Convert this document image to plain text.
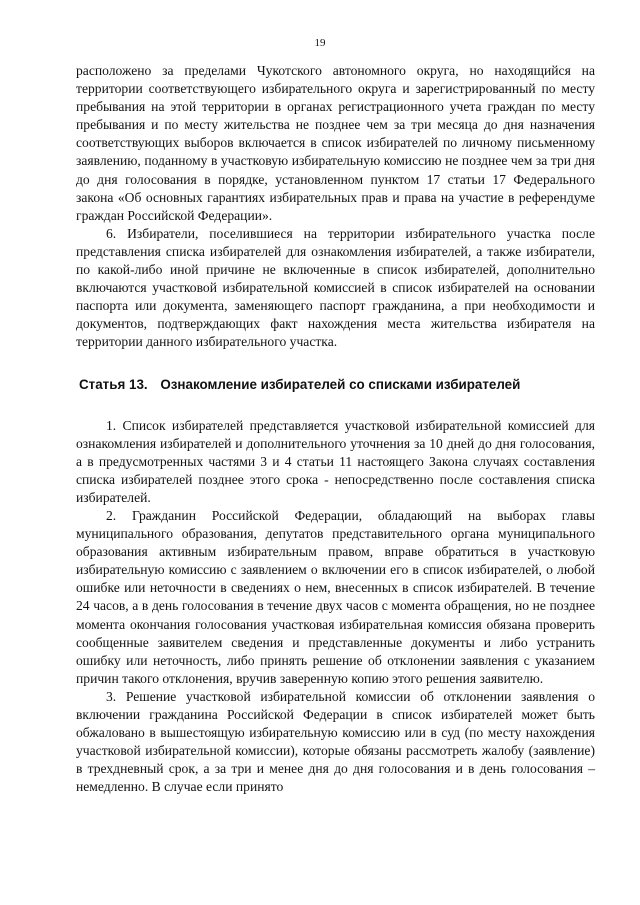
19

расположено за пределами Чукотского автономного округа, но находящийся на территории соответствующего избирательного округа и зарегистрированный по месту пребывания на этой территории в органах регистрационного учета граждан по месту пребывания и по месту жительства не позднее чем за три месяца до дня назначения соответствующих выборов включается в список избирателей по личному письменному заявлению, поданному в участковую избирательную комиссию не позднее чем за три дня до дня голосования в порядке, установленном пунктом 17 статьи 17 Федерального закона «Об основных гарантиях избирательных прав и права на участие в референдуме граждан Российской Федерации».

6. Избиратели, поселившиеся на территории избирательного участка после представления списка избирателей для ознакомления избирателей, а также избиратели, по какой-либо иной причине не включенные в список избирателей, дополнительно включаются участковой избирательной комиссией в список избирателей на основании паспорта или документа, заменяющего паспорт гражданина, а при необходимости и документов, подтверждающих факт нахождения места жительства избирателя на территории данного избирательного участка.

Статья 13. Ознакомление избирателей со списками избирателей

1. Список избирателей представляется участковой избирательной комиссией для ознакомления избирателей и дополнительного уточнения за 10 дней до дня голосования, а в предусмотренных частями 3 и 4 статьи 11 настоящего Закона случаях составления списка избирателей позднее этого срока - непосредственно после составления списка избирателей.

2. Гражданин Российской Федерации, обладающий на выборах главы муниципального образования, депутатов представительного органа муниципального образования активным избирательным правом, вправе обратиться в участковую избирательную комиссию с заявлением о включении его в список избирателей, о любой ошибке или неточности в сведениях о нем, внесенных в список избирателей. В течение 24 часов, а в день голосования в течение двух часов с момента обращения, но не позднее момента окончания голосования участковая избирательная комиссия обязана проверить сообщенные заявителем сведения и представленные документы и либо устранить ошибку или неточность, либо принять решение об отклонении заявления с указанием причин такого отклонения, вручив заверенную копию этого решения заявителю.

3. Решение участковой избирательной комиссии об отклонении заявления о включении гражданина Российской Федерации в список избирателей может быть обжаловано в вышестоящую избирательную комиссию или в суд (по месту нахождения участковой избирательной комиссии), которые обязаны рассмотреть жалобу (заявление) в трехдневный срок, а за три и менее дня до дня голосования и в день голосования – немедленно. В случае если принято
